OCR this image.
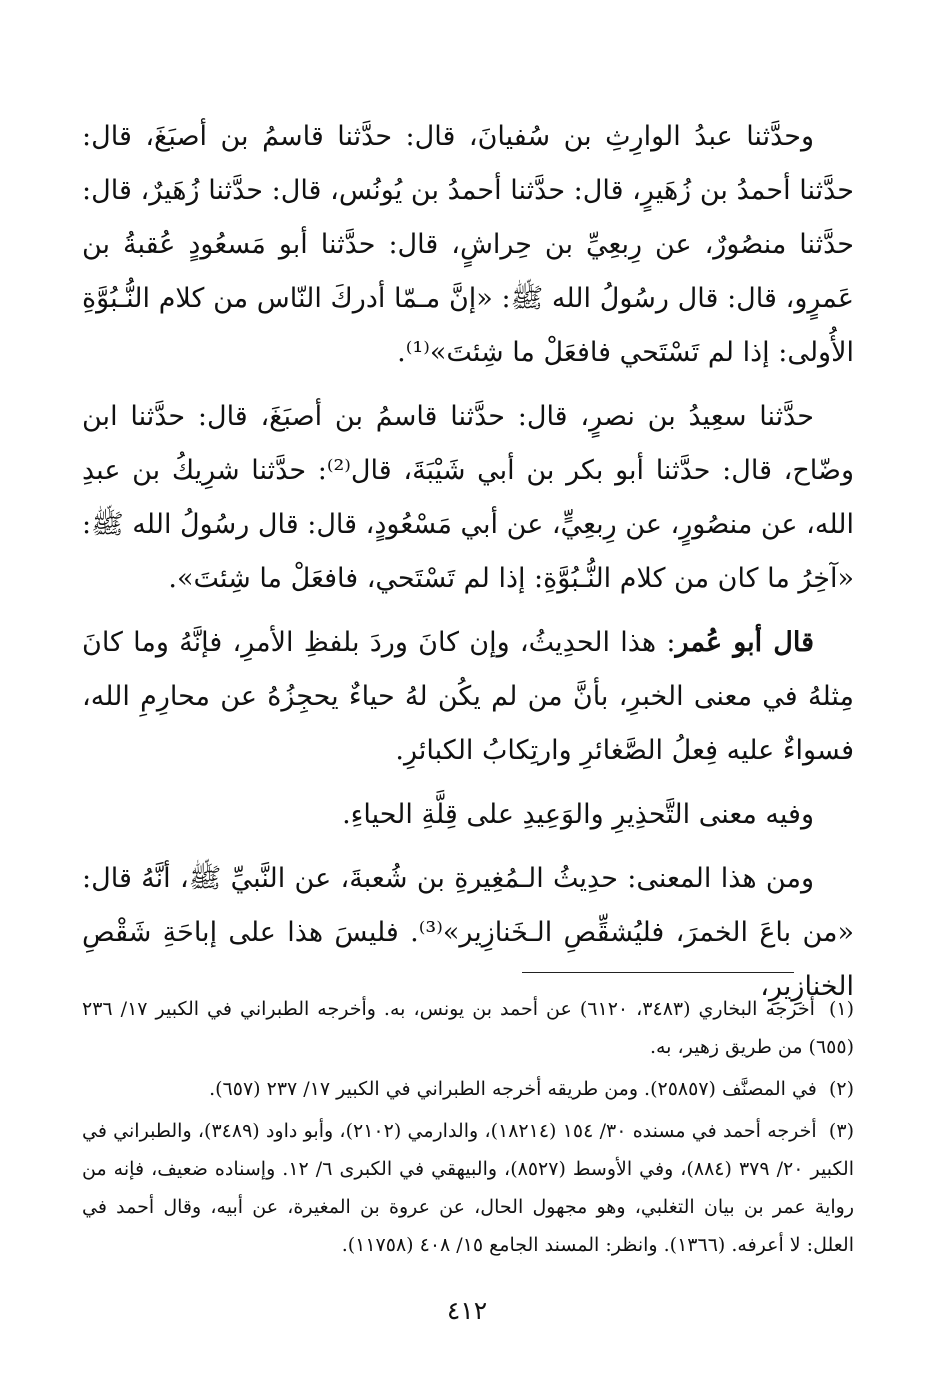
وحدَّثنا عبدُ الوارِثِ بن سُفيانَ، قال: حدَّثنا قاسمُ بن أصبَغَ، قال: حدَّثنا أحمدُ بن زُهَيرٍ، قال: حدَّثنا أحمدُ بن يُونُس، قال: حدَّثنا زُهَيرٌ، قال: حدَّثنا منصُورٌ، عن رِبعِيِّ بن حِراشٍ، قال: حدَّثنا أبو مَسعُودٍ عُقبةُ بن عَمرٍو، قال: قال رسُولُ الله ﷺ: «إنَّ مـمّا أدركَ النّاس من كلام النُّـبُوَّةِ الأُولى: إذا لم تَسْتَحي فافعَلْ ما شِئتَ»⁽¹⁾.

حدَّثنا سعِيدُ بن نصرٍ، قال: حدَّثنا قاسمُ بن أصبَغَ، قال: حدَّثنا ابن وضّاح، قال: حدَّثنا أبو بكر بن أبي شَيْبَةَ، قال⁽²⁾: حدَّثنا شرِيكُ بن عبدِ الله، عن منصُورٍ، عن رِبعِيٍّ، عن أبي مَسْعُودٍ، قال: قال رسُولُ الله ﷺ: «آخِرُ ما كان من كلام النُّـبُوَّةِ: إذا لم تَسْتَحي، فافعَلْ ما شِئتَ».

قال أبو عُمر: هذا الحدِيثُ، وإن كانَ وردَ بلفظِ الأمرِ، فإنَّهُ وما كانَ مِثلهُ في معنى الخبرِ، بأنَّ من لم يكُن لهُ حياءٌ يحجِزُهُ عن محارِمِ الله، فسواءٌ عليه فِعلُ الصَّغائرِ وارتِكابُ الكبائرِ.

وفيه معنى التَّحذِيرِ والوَعِيدِ على قِلَّةِ الحياءِ.

ومن هذا المعنى: حدِيثُ الـمُغِيرةِ بن شُعبةَ، عن النَّبيِّ ﷺ، أنَّهُ قال: «من باعَ الخمرَ، فليُشقِّصِ الـخَنازِير»⁽³⁾. فليسَ هذا على إباحَةِ شَقْصِ الخنازِيرِ،

(١) أخرجه البخاري (٣٤٨٣، ٦١٢٠) عن أحمد بن يونس، به. وأخرجه الطبراني في الكبير ١٧/ ٢٣٦ (٦٥٥) من طريق زهير، به.

(٢) في المصنَّف (٢٥٨٥٧). ومن طريقه أخرجه الطبراني في الكبير ١٧/ ٢٣٧ (٦٥٧).

(٣) أخرجه أحمد في مسنده ٣٠/ ١٥٤ (١٨٢١٤)، والدارمي (٢١٠٢)، وأبو داود (٣٤٨٩)، والطبراني في الكبير ٢٠/ ٣٧٩ (٨٨٤)، وفي الأوسط (٨٥٢٧)، والبيهقي في الكبرى ٦/ ١٢. وإسناده ضعيف، فإنه من رواية عمر بن بيان التغلبي، وهو مجهول الحال، عن عروة بن المغيرة، عن أبيه، وقال أحمد في العلل: لا أعرفه. (١٣٦٦). وانظر: المسند الجامع ١٥/ ٤٠٨ (١١٧٥٨).

٤١٢
